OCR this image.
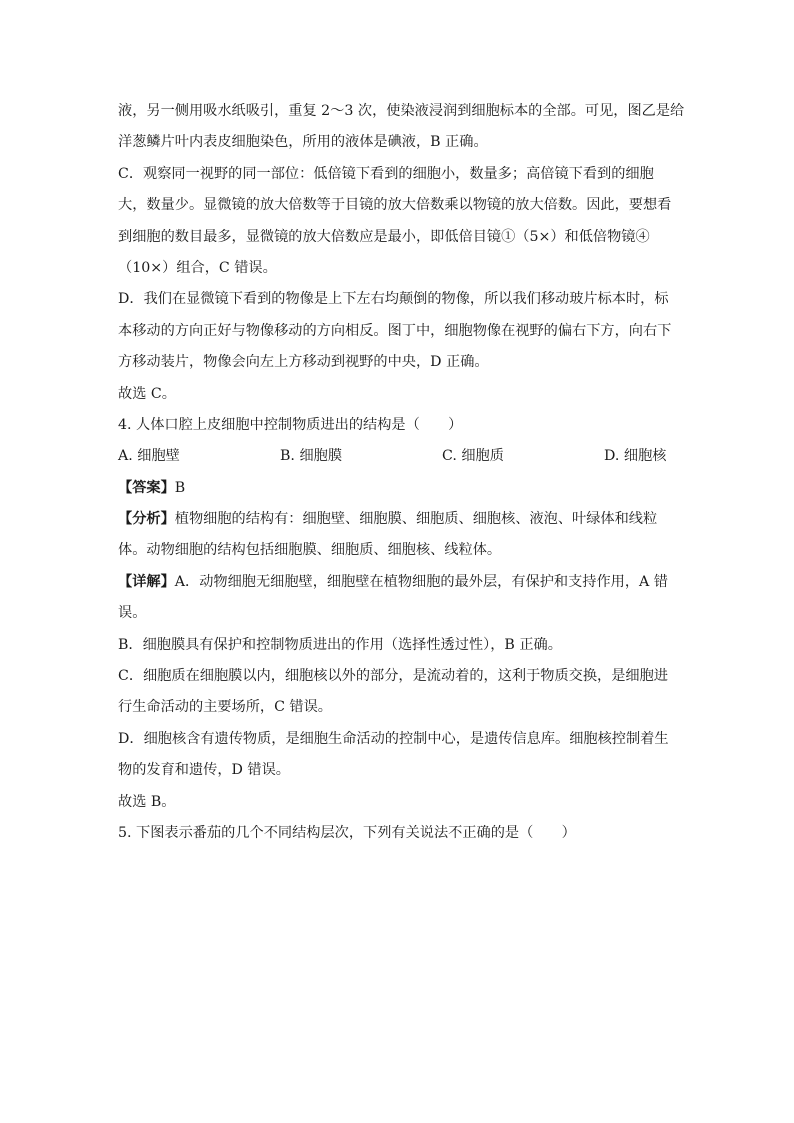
液，另一侧用吸水纸吸引，重复 2～3 次，使染液浸润到细胞标本的全部。可见，图乙是给
洋葱鳞片叶内表皮细胞染色，所用的液体是碘液，B 正确。
C．观察同一视野的同一部位：低倍镜下看到的细胞小，数量多；高倍镜下看到的细胞
大，数量少。显微镜的放大倍数等于目镜的放大倍数乘以物镜的放大倍数。因此，要想看
到细胞的数目最多，显微镜的放大倍数应是最小，即低倍目镜①（5×）和低倍物镜④
（10×）组合，C 错误。
D．我们在显微镜下看到的物像是上下左右均颠倒的物像，所以我们移动玻片标本时，标
本移动的方向正好与物像移动的方向相反。图丁中，细胞物像在视野的偏右下方，向右下
方移动装片，物像会向左上方移动到视野的中央，D 正确。
故选 C。
4. 人体口腔上皮细胞中控制物质进出的结构是（　　）
A. 细胞壁	B. 细胞膜	C. 细胞质	D. 细胞核
【答案】B
【分析】植物细胞的结构有：细胞壁、细胞膜、细胞质、细胞核、液泡、叶绿体和线粒
体。动物细胞的结构包括细胞膜、细胞质、细胞核、线粒体。
【详解】A．动物细胞无细胞壁，细胞壁在植物细胞的最外层，有保护和支持作用，A 错
误。
B．细胞膜具有保护和控制物质进出的作用（选择性透过性），B 正确。
C．细胞质在细胞膜以内，细胞核以外的部分，是流动着的，这利于物质交换，是细胞进
行生命活动的主要场所，C 错误。
D．细胞核含有遗传物质，是细胞生命活动的控制中心，是遗传信息库。细胞核控制着生
物的发育和遗传，D 错误。
故选 B。
5. 下图表示番茄的几个不同结构层次，下列有关说法不正确的是（　　）
